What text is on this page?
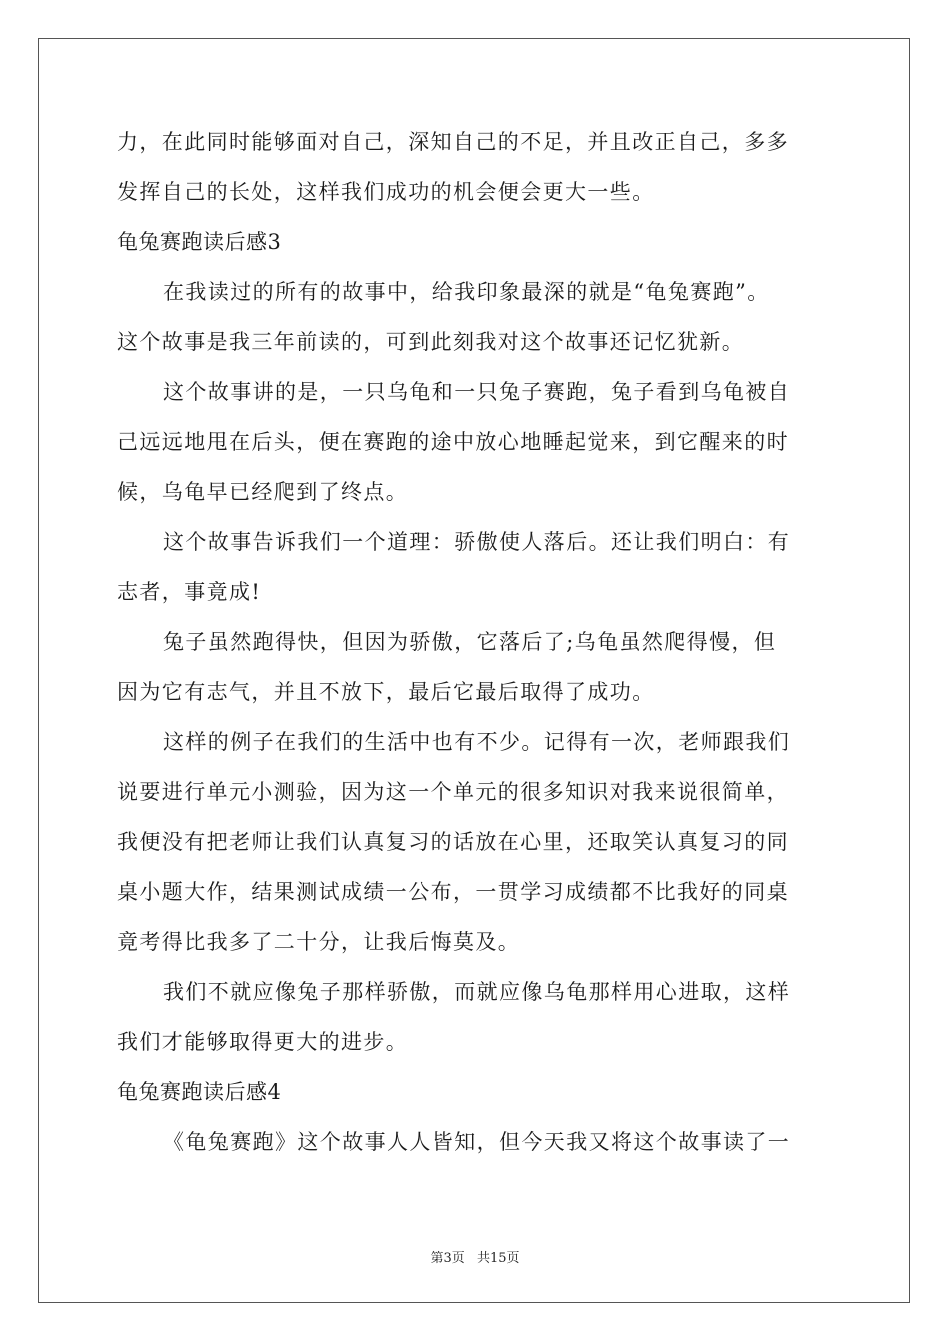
力，在此同时能够面对自己，深知自己的不足，并且改正自己，多多
发挥自己的长处，这样我们成功的机会便会更大一些。
龟兔赛跑读后感3
在我读过的所有的故事中，给我印象最深的就是“龟兔赛跑”。
这个故事是我三年前读的，可到此刻我对这个故事还记忆犹新。
这个故事讲的是，一只乌龟和一只兔子赛跑，兔子看到乌龟被自
己远远地甩在后头，便在赛跑的途中放心地睡起觉来，到它醒来的时
候，乌龟早已经爬到了终点。
这个故事告诉我们一个道理：骄傲使人落后。还让我们明白：有
志者，事竟成!
兔子虽然跑得快，但因为骄傲，它落后了;乌龟虽然爬得慢，但
因为它有志气，并且不放下，最后它最后取得了成功。
这样的例子在我们的生活中也有不少。记得有一次，老师跟我们
说要进行单元小测验，因为这一个单元的很多知识对我来说很简单，
我便没有把老师让我们认真复习的话放在心里，还取笑认真复习的同
桌小题大作，结果测试成绩一公布，一贯学习成绩都不比我好的同桌
竟考得比我多了二十分，让我后悔莫及。
我们不就应像兔子那样骄傲，而就应像乌龟那样用心进取，这样
我们才能够取得更大的进步。
龟兔赛跑读后感4
《龟兔赛跑》这个故事人人皆知，但今天我又将这个故事读了一
第3页 共15页
